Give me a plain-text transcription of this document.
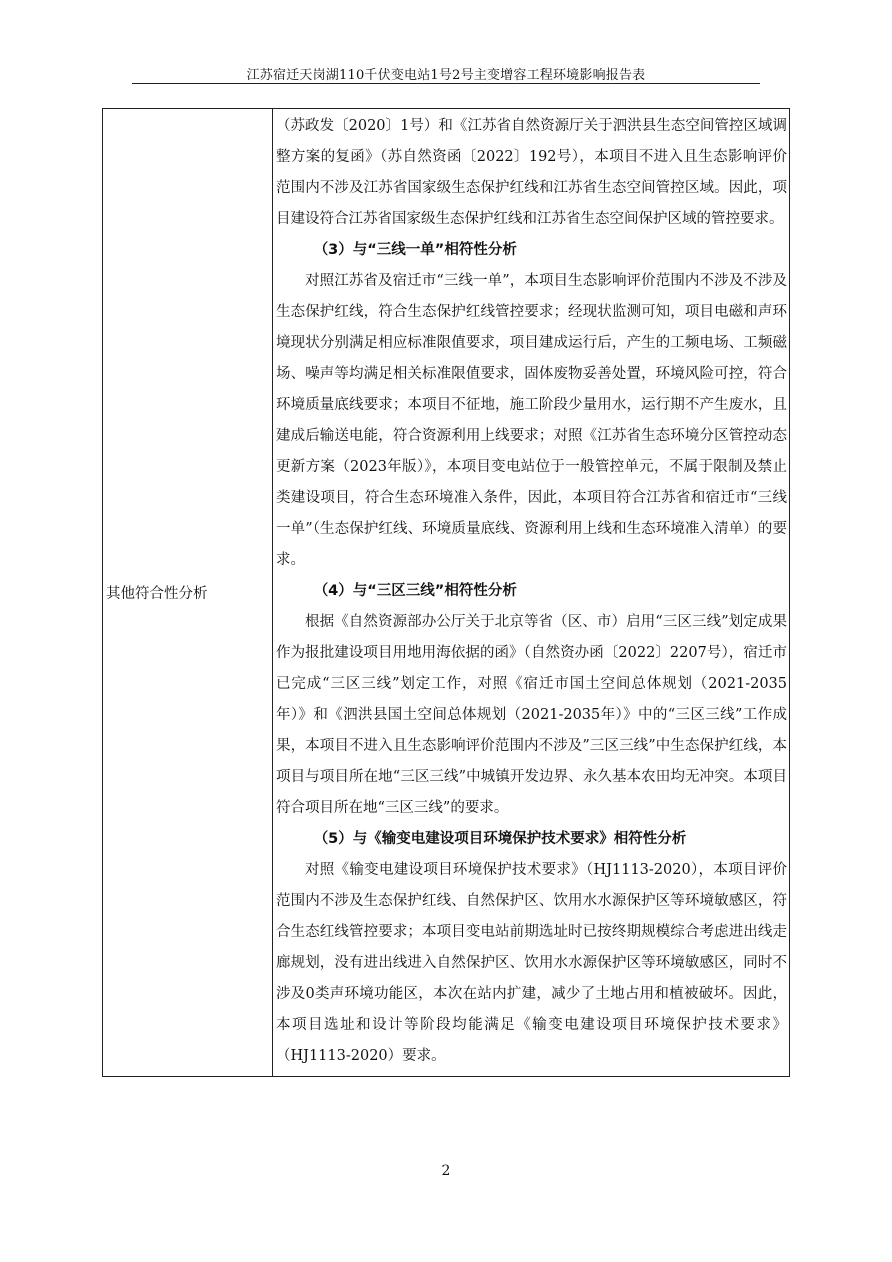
江苏宿迁天岗湖110千伏变电站1号2号主变增容工程环境影响报告表
其他符合性分析	

（苏政发〔2020〕1号）和《江苏省自然资源厅关于泗洪县生态空间管控区域调整方案的复函》（苏自然资函〔2022〕192号），本项目不进入且生态影响评价范围内不涉及江苏省国家级生态保护红线和江苏省生态空间管控区域。因此，项目建设符合江苏省国家级生态保护红线和江苏省生态空间保护区域的管控要求。

（3）与“三线一单”相符性分析

对照江苏省及宿迁市“三线一单”，本项目生态影响评价范围内不涉及不涉及生态保护红线，符合生态保护红线管控要求；经现状监测可知，项目电磁和声环境现状分别满足相应标准限值要求，项目建成运行后，产生的工频电场、工频磁场、噪声等均满足相关标准限值要求，固体废物妥善处置，环境风险可控，符合环境质量底线要求；本项目不征地，施工阶段少量用水，运行期不产生废水，且建成后输送电能，符合资源利用上线要求；对照《江苏省生态环境分区管控动态更新方案（2023年版）》，本项目变电站位于一般管控单元，不属于限制及禁止类建设项目，符合生态环境准入条件，因此，本项目符合江苏省和宿迁市“三线一单”（生态保护红线、环境质量底线、资源利用上线和生态环境准入清单）的要求。

（4）与“三区三线”相符性分析

根据《自然资源部办公厅关于北京等省（区、市）启用“三区三线”划定成果作为报批建设项目用地用海依据的函》（自然资办函〔2022〕2207号），宿迁市已完成“三区三线”划定工作，对照《宿迁市国土空间总体规划（2021-2035年）》和《泗洪县国土空间总体规划（2021-2035年）》中的“三区三线”工作成果，本项目不进入且生态影响评价范围内不涉及”三区三线”中生态保护红线，本项目与项目所在地“三区三线”中城镇开发边界、永久基本农田均无冲突。本项目符合项目所在地“三区三线”的要求。

（5）与《输变电建设项目环境保护技术要求》相符性分析

对照《输变电建设项目环境保护技术要求》（HJ1113-2020），本项目评价范围内不涉及生态保护红线、自然保护区、饮用水水源保护区等环境敏感区，符合生态红线管控要求；本项目变电站前期选址时已按终期规模综合考虑进出线走廊规划，没有进出线进入自然保护区、饮用水水源保护区等环境敏感区，同时不涉及0类声环境功能区，本次在站内扩建，减少了土地占用和植被破坏。因此，本项目选址和设计等阶段均能满足《输变电建设项目环境保护技术要求》（HJ1113-2020）要求。

2
